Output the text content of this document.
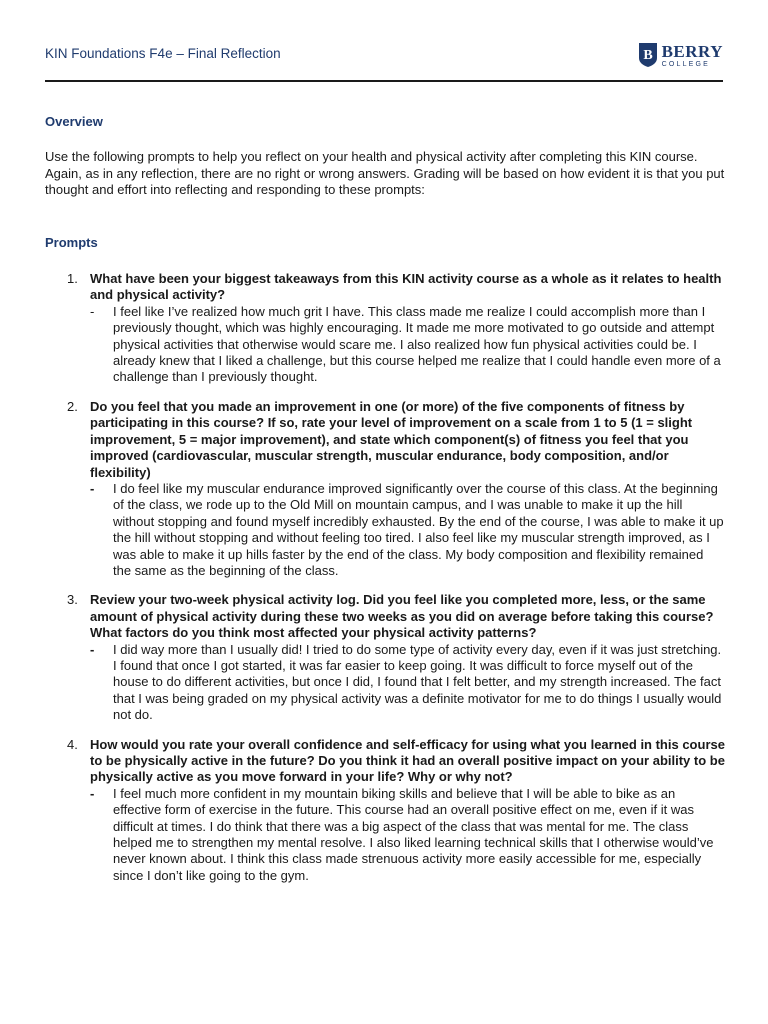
KIN Foundations F4e – Final Reflection	B BERRY
COLLEGE

Overview

Use the following prompts to help you reflect on your health and physical activity after completing this KIN course. Again, as in any reflection, there are no right or wrong answers. Grading will be based on how evident it is that you put thought and effort into reflecting and responding to these prompts:

Prompts

1. What have been your biggest takeaways from this KIN activity course as a whole as it relates to health and physical activity?
- I feel like I’ve realized how much grit I have. This class made me realize I could accomplish more than I previously thought, which was highly encouraging. It made me more motivated to go outside and attempt physical activities that otherwise would scare me. I also realized how fun physical activities could be. I already knew that I liked a challenge, but this course helped me realize that I could handle even more of a challenge than I previously thought.
2. Do you feel that you made an improvement in one (or more) of the five components of fitness by participating in this course? If so, rate your level of improvement on a scale from 1 to 5 (1 = slight improvement, 5 = major improvement), and state which component(s) of fitness you feel that you improved (cardiovascular, muscular strength, muscular endurance, body composition, and/or flexibility)
- I do feel like my muscular endurance improved significantly over the course of this class. At the beginning of the class, we rode up to the Old Mill on mountain campus, and I was unable to make it up the hill without stopping and found myself incredibly exhausted. By the end of the course, I was able to make it up the hill without stopping and without feeling too tired. I also feel like my muscular strength improved, as I was able to make it up hills faster by the end of the class. My body composition and flexibility remained the same as the beginning of the class.
3. Review your two-week physical activity log. Did you feel like you completed more, less, or the same amount of physical activity during these two weeks as you did on average before taking this course? What factors do you think most affected your physical activity patterns?
- I did way more than I usually did! I tried to do some type of activity every day, even if it was just stretching. I found that once I got started, it was far easier to keep going. It was difficult to force myself out of the house to do different activities, but once I did, I found that I felt better, and my strength increased. The fact that I was being graded on my physical activity was a definite motivator for me to do things I usually would not do.
4. How would you rate your overall confidence and self-efficacy for using what you learned in this course to be physically active in the future? Do you think it had an overall positive impact on your ability to be physically active as you move forward in your life? Why or why not?
- I feel much more confident in my mountain biking skills and believe that I will be able to bike as an effective form of exercise in the future. This course had an overall positive effect on me, even if it was difficult at times. I do think that there was a big aspect of the class that was mental for me. The class helped me to strengthen my mental resolve. I also liked learning technical skills that I otherwise would’ve never known about. I think this class made strenuous activity more easily accessible for me, especially since I don’t like going to the gym.
